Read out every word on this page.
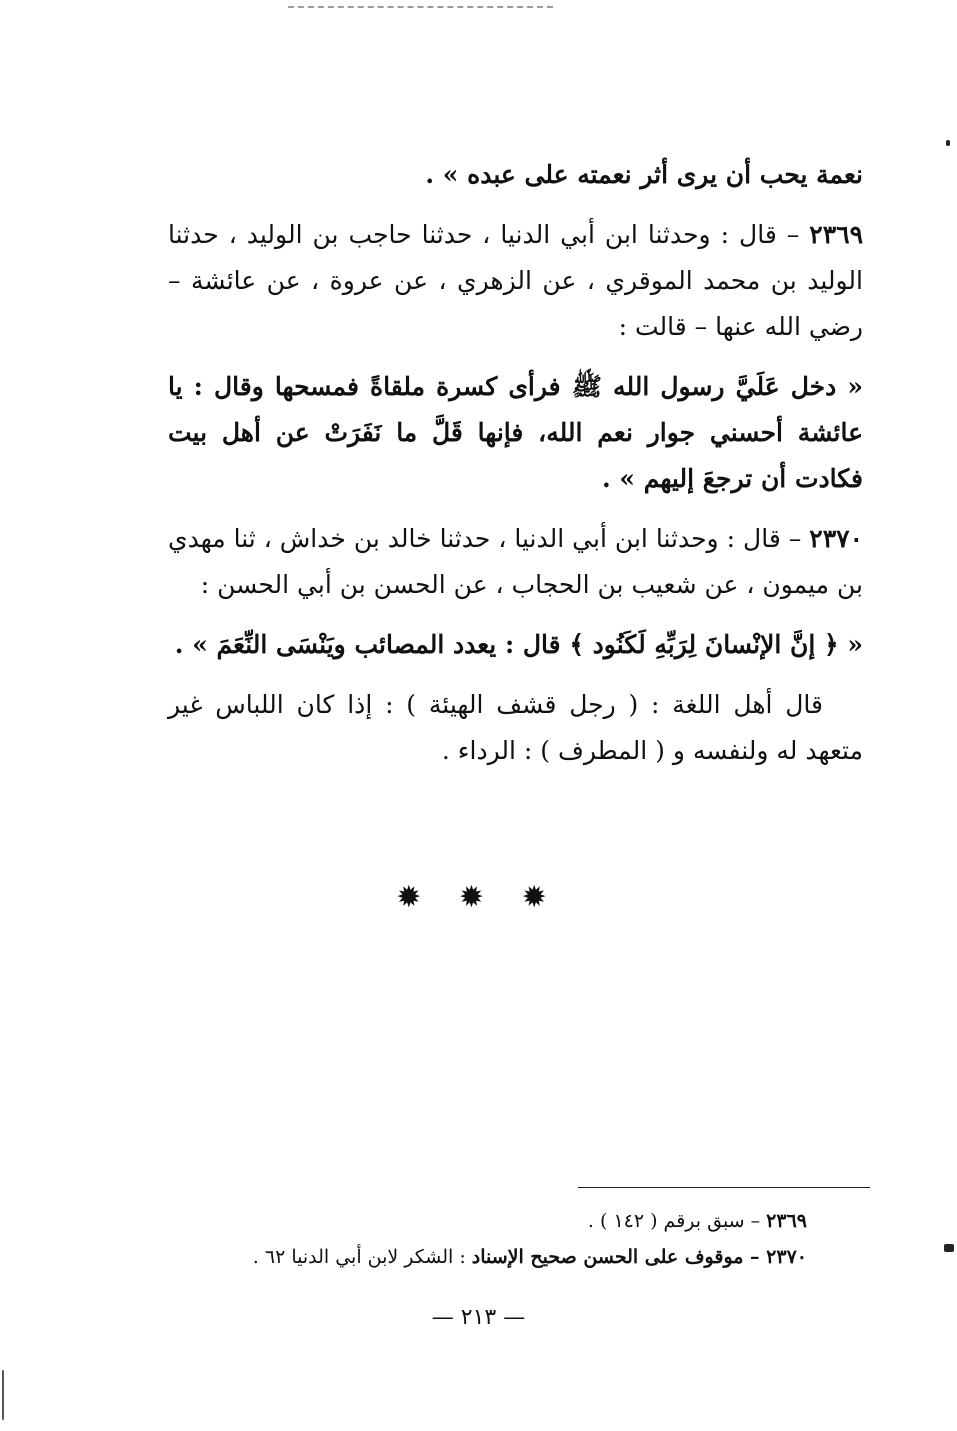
نعمة يحب أن يرى أثر نعمته على عبده » .

٢٣٦٩ – قال : وحدثنا ابن أبي الدنيا ، حدثنا حاجب بن الوليد ، حدثنا الوليد بن محمد الموقري ، عن الزهري ، عن عروة ، عن عائشة – رضي الله عنها – قالت :

« دخل عَلَيَّ رسول الله ﷺ فرأى كسرة ملقاةً فمسحها وقال : يا عائشة أحسني جوار نعم الله، فإنها قَلَّ ما نَفَرَتْ عن أهل بيت فكادت أن ترجعَ إليهم » .

٢٣٧٠ – قال : وحدثنا ابن أبي الدنيا ، حدثنا خالد بن خداش ، ثنا مهدي بن ميمون ، عن شعيب بن الحجاب ، عن الحسن بن أبي الحسن :

« ﴿ إنَّ الإنْسانَ لِرَبِّهِ لَكَنُود ﴾ قال : يعدد المصائب ويَنْسَى النِّعَمَ » .

قال أهل اللغة : ( رجل قشف الهيئة ) : إذا كان اللباس غير متعهد له ولنفسه و ( المطرف ) : الرداء .

✹ ✹ ✹

٢٣٦٩ – سبق برقم ( ١٤٢ ) .

٢٣٧٠ – موقوف على الحسن صحيح الإسناد : الشكر لابن أبي الدنيا ٦٢ .

— ٢١٣ —
